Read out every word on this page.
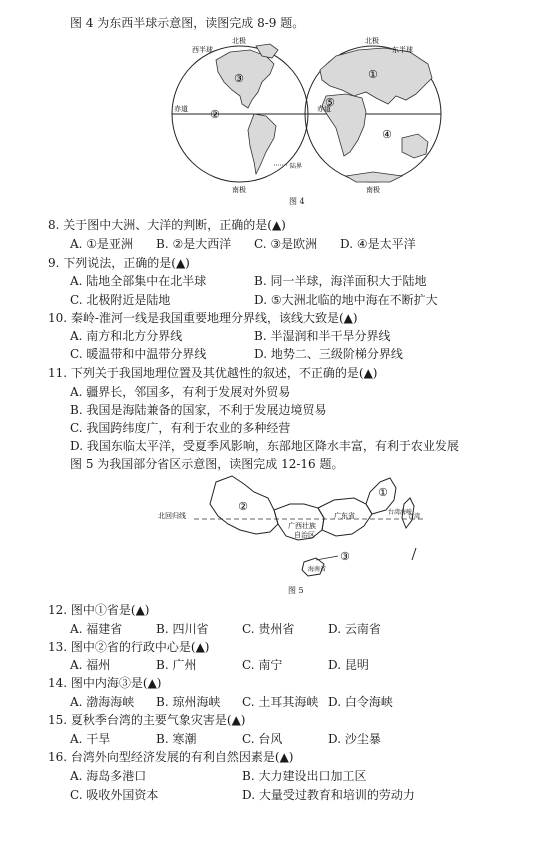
图 4 为东西半球示意图，读图完成 8-9 题。
北极
西半球
赤道
南极
北极
东半球
赤道
南极
陆界
③
②
①
⑤
④
图 4
8. 关于图中大洲、大洋的判断，正确的是(▲)
A. ①是亚洲 B. ②是大西洋 C. ③是欧洲 D. ④是太平洋
9. 下列说法，正确的是(▲)
A. 陆地全部集中在北半球	B. 同一半球，海洋面积大于陆地
C. 北极附近是陆地	D. ⑤大洲北临的地中海在不断扩大
10. 秦岭-淮河一线是我国重要地理分界线，该线大致是(▲)
A. 南方和北方分界线	B. 半湿润和半干旱分界线
C. 暖温带和中温带分界线	D. 地势二、三级阶梯分界线
11. 下列关于我国地理位置及其优越性的叙述，不正确的是(▲)
A. 疆界长，邻国多，有利于发展对外贸易
B. 我国是海陆兼备的国家，不利于发展边境贸易
C. 我国跨纬度广，有利于农业的多种经营
D. 我国东临太平洋，受夏季风影响，东部地区降水丰富，有利于农业发展
图 5 为我国部分省区示意图，读图完成 12-16 题。
北回归线
②
广西壮族
自治区
广东省
①
台湾海峡
台湾
海南省
③
图 5
12. 图中①省是(▲)
A. 福建省	B. 四川省	C. 贵州省	D. 云南省
13. 图中②省的行政中心是(▲)
A. 福州	B. 广州	C. 南宁	D. 昆明
14. 图中内海③是(▲)
A. 渤海海峡 B. 琼州海峡 C. 土耳其海峡 D. 白令海峡
15. 夏秋季台湾的主要气象灾害是(▲)
A. 干旱	B. 寒潮	C. 台风	D. 沙尘暴
16. 台湾外向型经济发展的有利自然因素是(▲)
A. 海岛多港口	B. 大力建设出口加工区
C. 吸收外国资本	D. 大量受过教育和培训的劳动力
